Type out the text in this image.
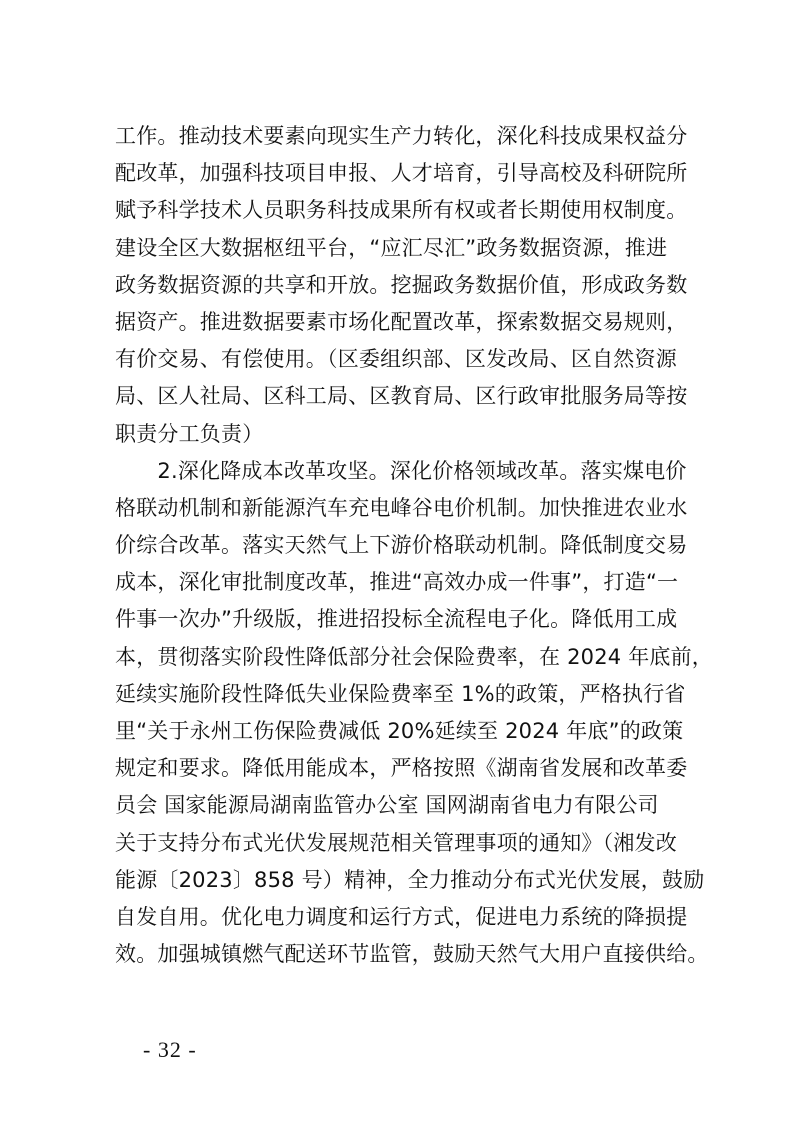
工作。推动技术要素向现实生产力转化，深化科技成果权益分
配改革，加强科技项目申报、人才培育，引导高校及科研院所
赋予科学技术人员职务科技成果所有权或者长期使用权制度。
建设全区大数据枢纽平台，“应汇尽汇”政务数据资源，推进
政务数据资源的共享和开放。挖掘政务数据价值，形成政务数
据资产。推进数据要素市场化配置改革，探索数据交易规则，
有价交易、有偿使用。（区委组织部、区发改局、区自然资源
局、区人社局、区科工局、区教育局、区行政审批服务局等按
职责分工负责）
　　2.深化降成本改革攻坚。深化价格领域改革。落实煤电价
格联动机制和新能源汽车充电峰谷电价机制。加快推进农业水
价综合改革。落实天然气上下游价格联动机制。降低制度交易
成本，深化审批制度改革，推进“高效办成一件事”，打造“一
件事一次办”升级版，推进招投标全流程电子化。降低用工成
本，贯彻落实阶段性降低部分社会保险费率，在 2024 年底前，
延续实施阶段性降低失业保险费率至 1%的政策，严格执行省
里“关于永州工伤保险费减低 20%延续至 2024 年底”的政策
规定和要求。降低用能成本，严格按照《湖南省发展和改革委
员会 国家能源局湖南监管办公室 国网湖南省电力有限公司
关于支持分布式光伏发展规范相关管理事项的通知》（湘发改
能源〔2023〕858 号）精神，全力推动分布式光伏发展，鼓励
自发自用。优化电力调度和运行方式，促进电力系统的降损提
效。加强城镇燃气配送环节监管，鼓励天然气大用户直接供给。
- 32 -
